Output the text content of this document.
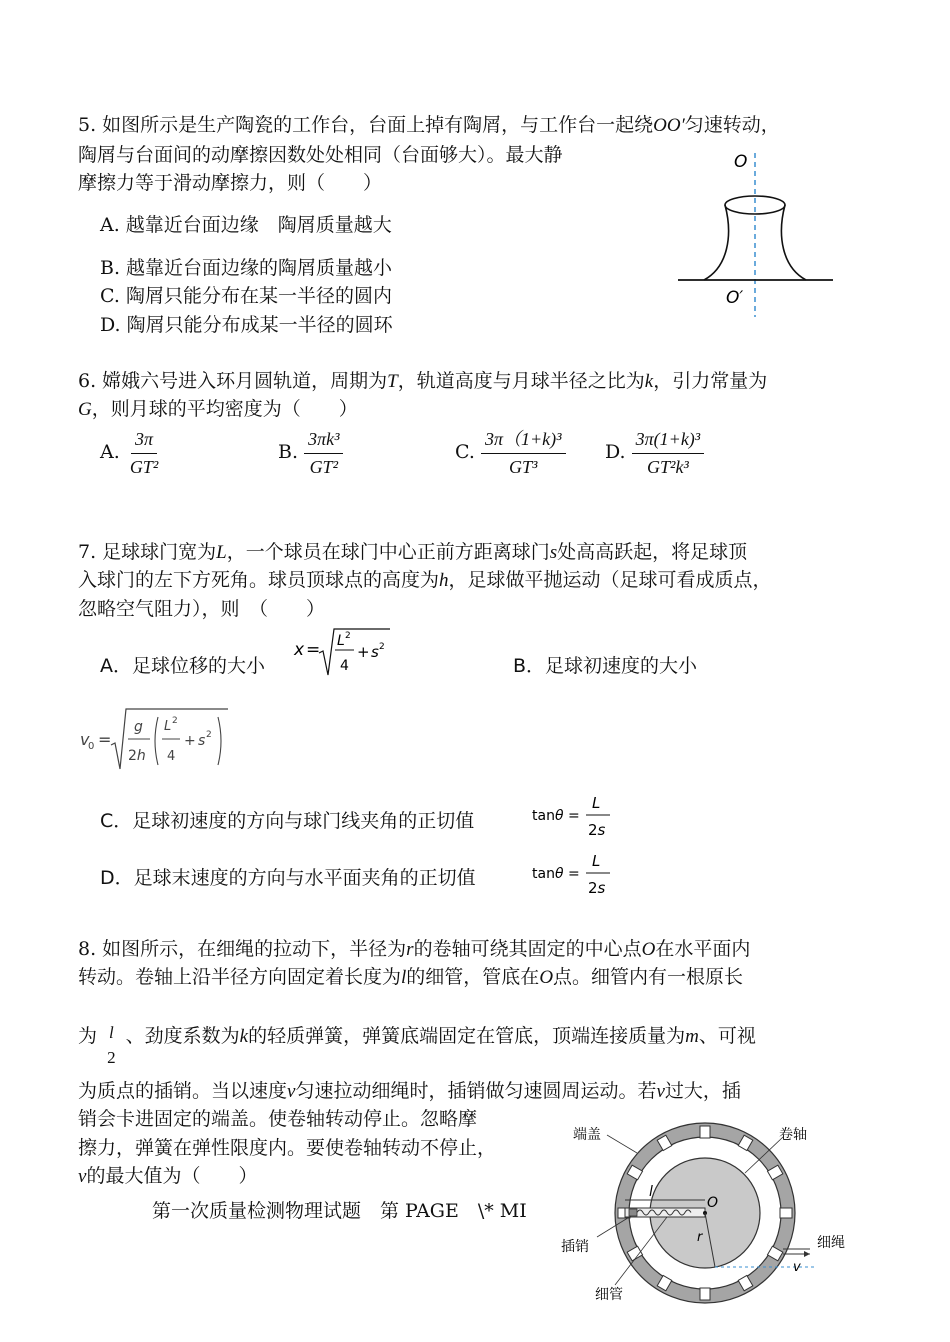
5. 如图所示是生产陶瓷的工作台，台面上掉有陶屑，与工作台一起绕OO′匀速转动，
陶屑与台面间的动摩擦因数处处相同（台面够大）。最大静
摩擦力等于滑动摩擦力，则（　　）
A. 越靠近台面边缘　陶屑质量越大
B. 越靠近台面边缘的陶屑质量越小
C. 陶屑只能分布在某一半径的圆内
D. 陶屑只能分布成某一半径的圆环
O
O′
6. 嫦娥六号进入环月圆轨道，周期为T，轨道高度与月球半径之比为k，引力常量为
G，则月球的平均密度为（　　）
A. $\frac{3\pi}{\text{GT²}}$	B. $\frac{\text{3πk³}}{\text{GT²}}$	C. $\frac{\text{3π（1+k)³}}{\text{GT³}} D$. $\frac{\text{3π(1+k)³}}{\text{GT²k³}}$
7. 足球球门宽为L，一个球员在球门中心正前方距离球门s处高高跃起，将足球顶
入球门的左下方死角。球员顶球点的高度为h，足球做平抛运动（足球可看成质点，
忽略空气阻力），则　（　　）
A．足球位移的大小
x = L 2
4
+ s 2
B．足球初速度的大小
v
0 =
g
2h
L 2
4
+ s 2
C．足球初速度的方向与球门线夹角的正切值	tanθ =
L
2s
D．足球末速度的方向与水平面夹角的正切值	tanθ =
L
2s
8. 如图所示，在细绳的拉动下，半径为r的卷轴可绕其固定的中心点O在水平面内
转动。卷轴上沿半径方向固定着长度为l的细管，管底在O点。细管内有一根原长
为 l
2
、劲度系数为k的轻质弹簧，弹簧底端固定在管底，顶端连接质量为m、可视
为质点的插销。当以速度v匀速拉动细绳时，插销做匀速圆周运动。若v过大，插
销会卡进固定的端盖。使卷轴转动停止。忽略摩
擦力，弹簧在弹性限度内。要使卷轴转动不停止，
v的最大值为（　　）
第一次质量检测物理试题　第 PAGE　\* MI
l
O
r
v
端盖	卷轴
插销
细管
细绳
